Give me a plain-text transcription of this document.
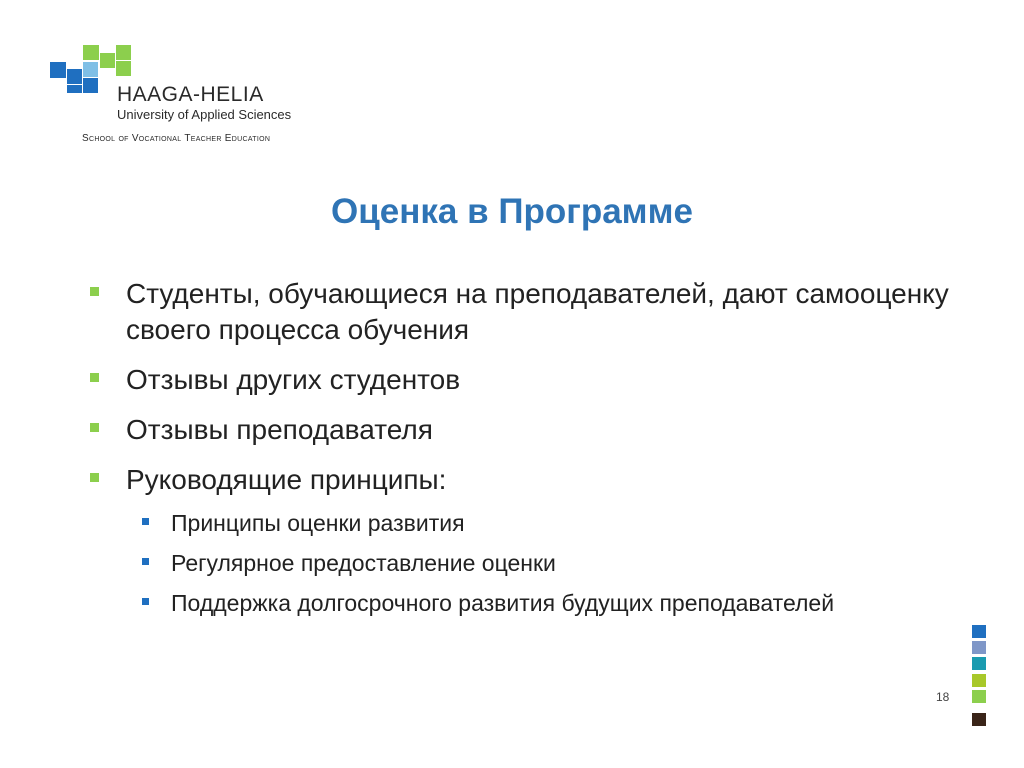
HAAGA-HELIA

University of Applied Sciences

School of Vocational Teacher Education

Оценка в Программе
Студенты, обучающиеся на преподавателей, дают самооценку своего процесса обучения
Отзывы других студентов
Отзывы преподавателя
Руководящие принципы:
Принципы оценки развития
Регулярное предоставление оценки
Поддержка долгосрочного развития будущих преподавателей

18
